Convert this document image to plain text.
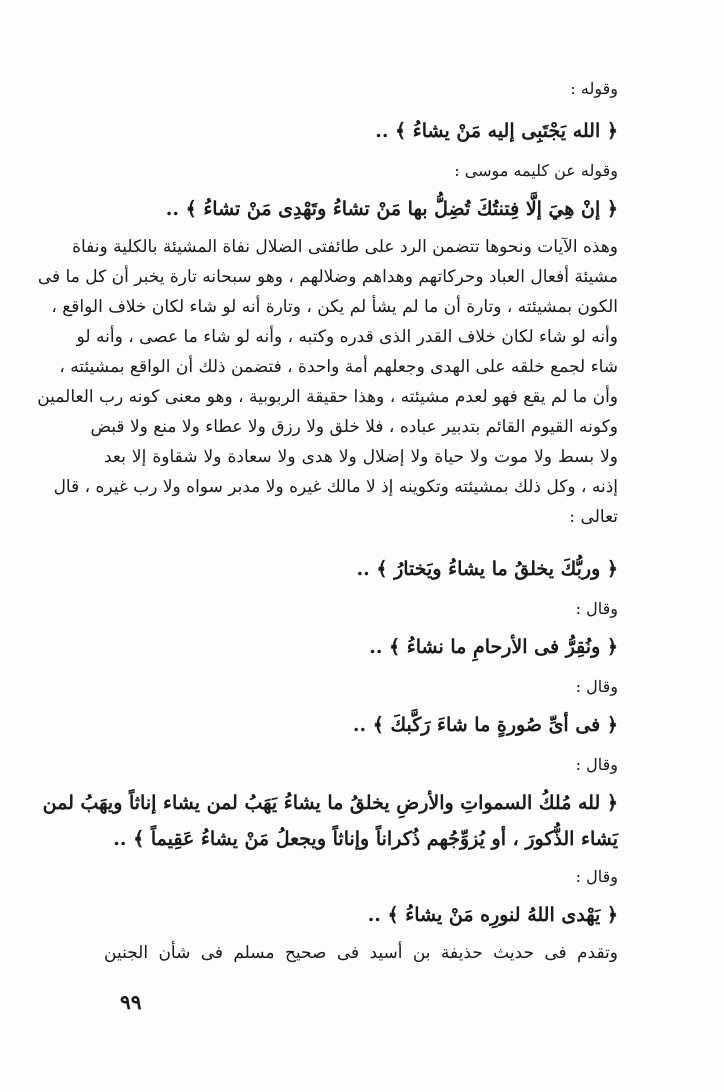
وقوله :
﴿ الله يَجْتَبِى إليه مَنْ يشاءُ ﴾ ..
وقوله عن كليمه موسى :
﴿ إنْ هِيَ إلَّا فِتنتُكَ تُضِلُّ بها مَنْ تشاءُ وتَهْدِى مَنْ تشاءُ ﴾ ..
وهذه الآيات ونحوها تتضمن الرد على طائفتى الضلال نفاة المشيئة بالكلية ونفاة
مشيئة أفعال العباد وحركاتهم وهداهم وضلالهم ، وهو سبحانه تارة يخبر أن كل ما فى
الكون بمشيئته ، وتارة أن ما لم يشأ لم يكن ، وتارة أنه لو شاء لكان خلاف الواقع ،
وأنه لو شاء لكان خلاف القدر الذى قدره وكتبه ، وأنه لو شاء ما عصى ، وأنه لو
شاء لجمع خلقه على الهدى وجعلهم أمة واحدة ، فتضمن ذلك أن الواقع بمشيئته ،
وأن ما لم يقع فهو لعدم مشيئته ، وهذا حقيقة الربوبية ، وهو معنى كونه رب العالمين
وكونه القيوم القائم بتدبير عباده ، فلا خلق ولا رزق ولا عطاء ولا منع ولا قبض
ولا بسط ولا موت ولا حياة ولا إضلال ولا هدى ولا سعادة ولا شقاوة إلا بعد
إذنه ، وكل ذلك بمشيئته وتكوينه إذ لا مالك غيره ولا مدبر سواه ولا رب غيره ، قال
تعالى :
﴿ وربُّكَ يخلقُ ما يشاءُ ويَختارُ ﴾ ..
وقال :
﴿ ونُقِرُّ فى الأرحامِ ما نشاءُ ﴾ ..
وقال :
﴿ فى أىِّ صُورةٍ ما شاءَ رَكَّبكَ ﴾ ..
وقال :
﴿ لله مُلكُ السمواتِ والأرضِ يخلقُ ما يشاءُ يَهَبُ لمن يشاء إناثاً ويهَبُ لمن
يَشاء الذُّكورَ ، أو يُزوِّجُهم ذُكراناً وإناثاً ويجعلُ مَنْ يشاءُ عَقِيماً ﴾ ..
وقال :
﴿ يَهْدى اللهُ لنورِه مَنْ يشاءُ ﴾ ..
وتقدم فى حديث حذيفة بن أسيد فى صحيح مسلم فى شأن الجنين
٩٩
